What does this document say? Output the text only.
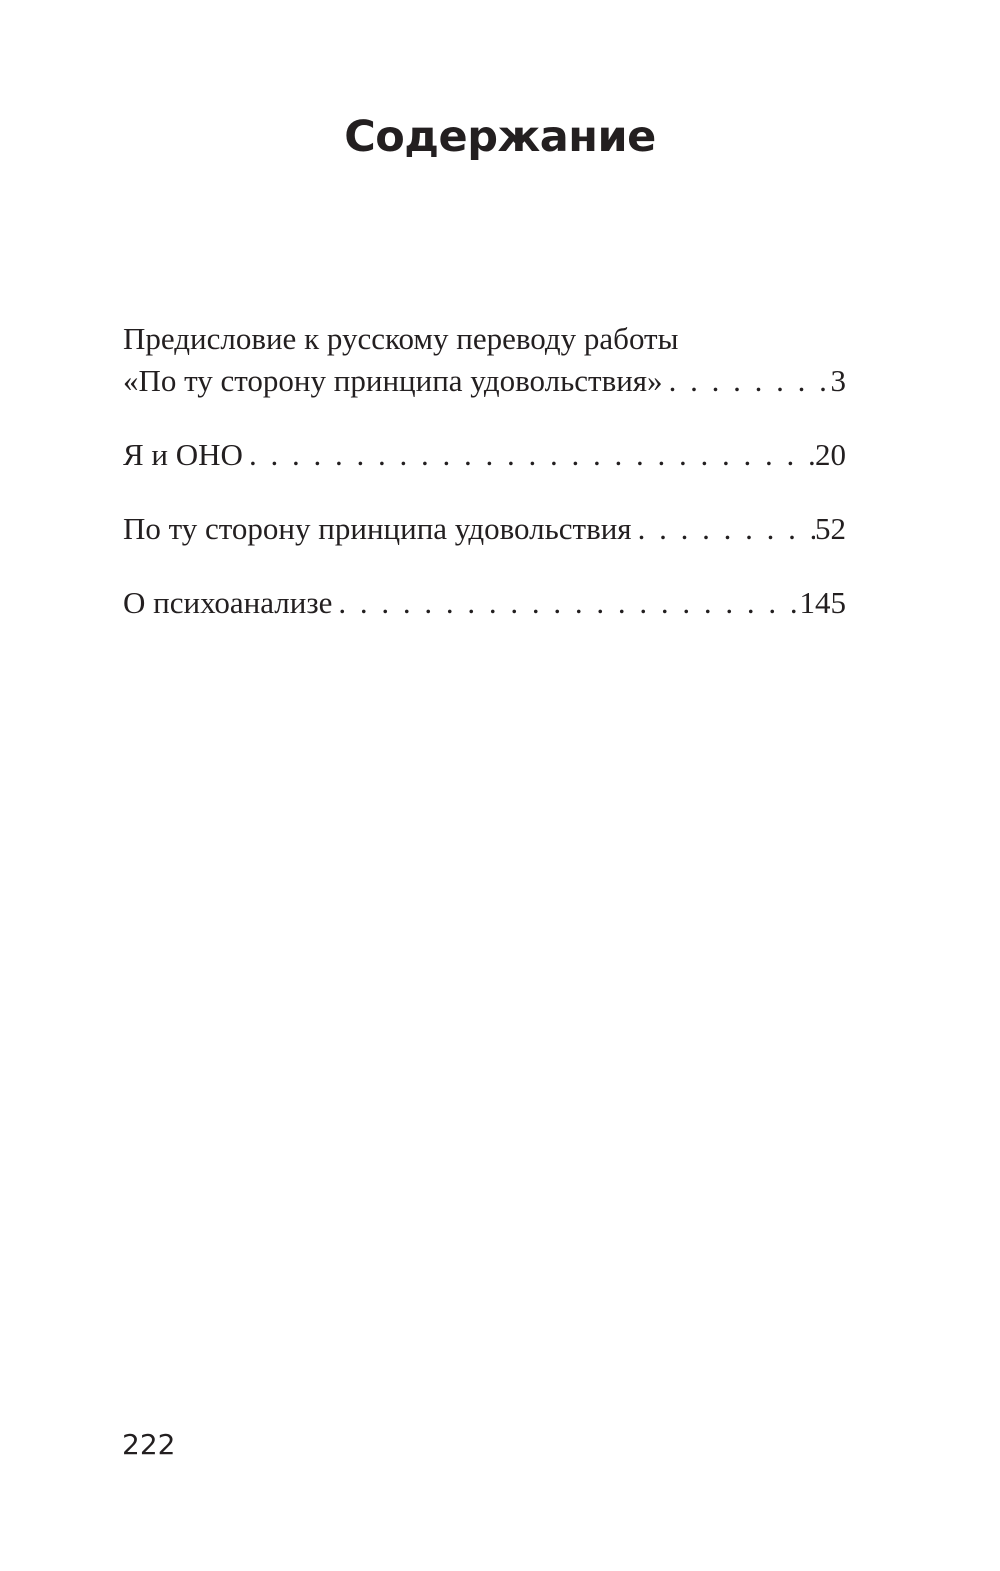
Содержание
Предисловие к русскому переводу работы
«По ту сторону принципа удовольствия» . . .	3
Я и ОНО . . .	20
По ту сторону принципа удовольствия . . .	52
О психоанализе . . .	145
222
